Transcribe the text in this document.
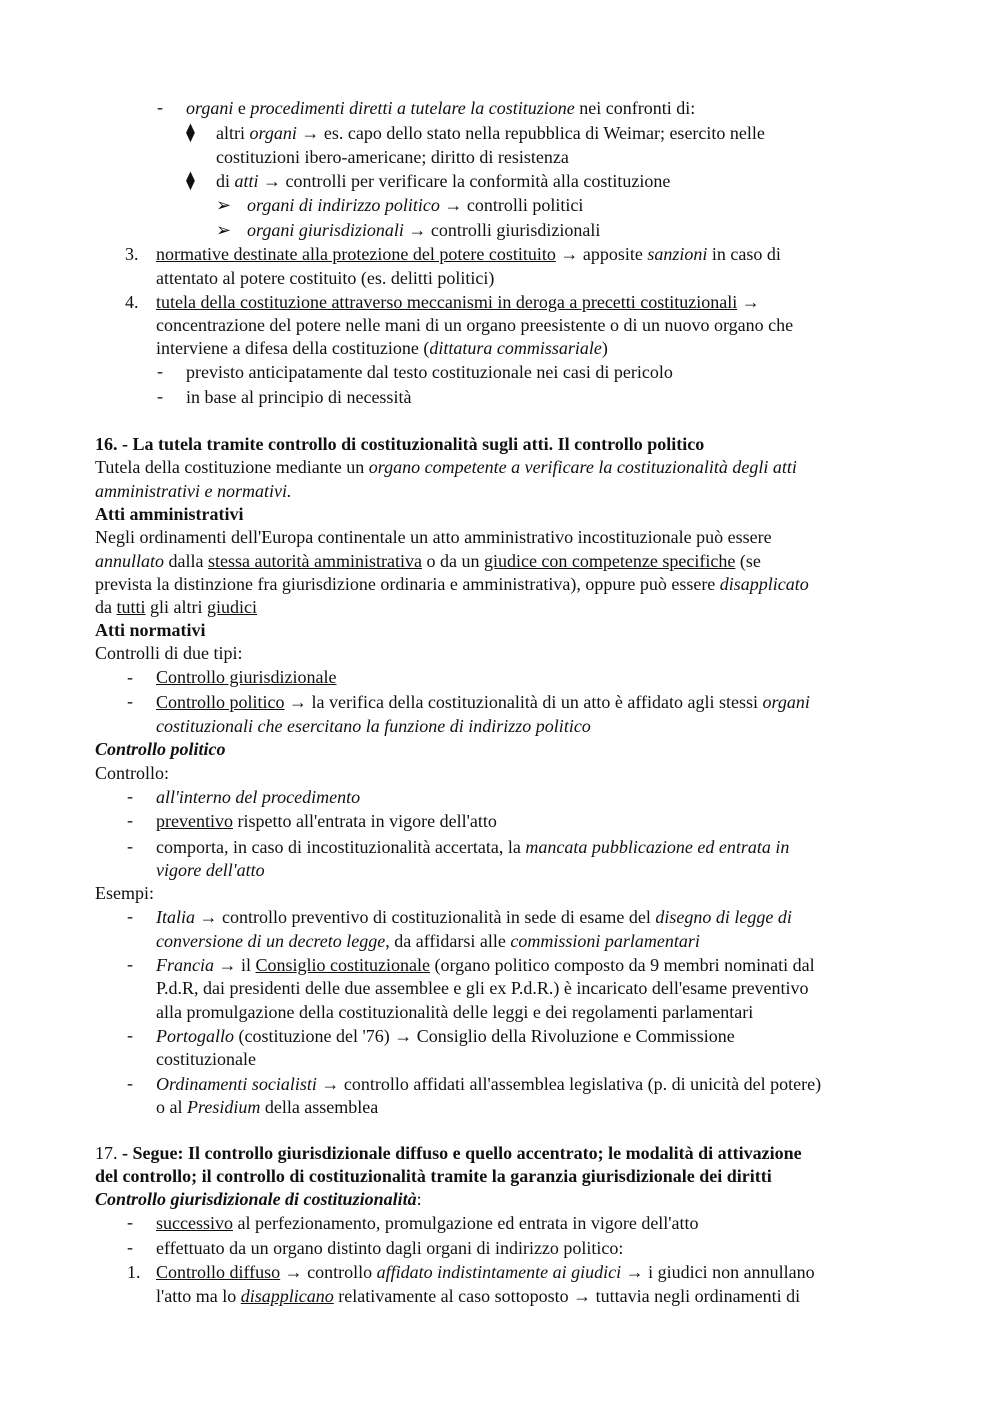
- organi e procedimenti diretti a tutelare la costituzione nei confronti di:
⧫ altri organi → es. capo dello stato nella repubblica di Weimar; esercito nelle
costituzioni ibero-americane; diritto di resistenza
⧫ di atti → controlli per verificare la conformità alla costituzione
➢ organi di indirizzo politico → controlli politici
➢ organi giurisdizionali → controlli giurisdizionali
3. normative destinate alla protezione del potere costituito → apposite sanzioni in caso di
attentato al potere costituito (es. delitti politici)
4. tutela della costituzione attraverso meccanismi in deroga a precetti costituzionali →
concentrazione del potere nelle mani di un organo preesistente o di un nuovo organo che
interviene a difesa della costituzione (dittatura commissariale)
- previsto anticipatamente dal testo costituzionale nei casi di pericolo
- in base al principio di necessità
16. - La tutela tramite controllo di costituzionalità sugli atti. Il controllo politico
Tutela della costituzione mediante un organo competente a verificare la costituzionalità degli atti
amministrativi e normativi.
Atti amministrativi
Negli ordinamenti dell'Europa continentale un atto amministrativo incostituzionale può essere
annullato dalla stessa autorità amministrativa o da un giudice con competenze specifiche (se
prevista la distinzione fra giurisdizione ordinaria e amministrativa), oppure può essere disapplicato
da tutti gli altri giudici
Atti normativi
Controlli di due tipi:
- Controllo giurisdizionale
- Controllo politico → la verifica della costituzionalità di un atto è affidato agli stessi organi
costituzionali che esercitano la funzione di indirizzo politico
Controllo politico
Controllo:
- all'interno del procedimento
- preventivo rispetto all'entrata in vigore dell'atto
- comporta, in caso di incostituzionalità accertata, la mancata pubblicazione ed entrata in
vigore dell'atto
Esempi:
- Italia → controllo preventivo di costituzionalità in sede di esame del disegno di legge di
conversione di un decreto legge, da affidarsi alle commissioni parlamentari
- Francia → il Consiglio costituzionale (organo politico composto da 9 membri nominati dal
P.d.R, dai presidenti delle due assemblee e gli ex P.d.R.) è incaricato dell'esame preventivo
alla promulgazione della costituzionalità delle leggi e dei regolamenti parlamentari
- Portogallo (costituzione del '76) → Consiglio della Rivoluzione e Commissione
costituzionale
- Ordinamenti socialisti → controllo affidati all'assemblea legislativa (p. di unicità del potere)
o al Presidium della assemblea
17. - Segue: Il controllo giurisdizionale diffuso e quello accentrato; le modalità di attivazione
del controllo; il controllo di costituzionalità tramite la garanzia giurisdizionale dei diritti
Controllo giurisdizionale di costituzionalità:
- successivo al perfezionamento, promulgazione ed entrata in vigore dell'atto
- effettuato da un organo distinto dagli organi di indirizzo politico:
1. Controllo diffuso → controllo affidato indistintamente ai giudici → i giudici non annullano
l'atto ma lo disapplicano relativamente al caso sottoposto → tuttavia negli ordinamenti di
